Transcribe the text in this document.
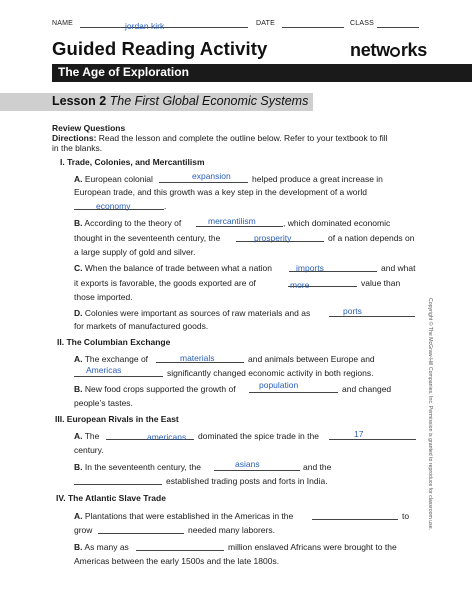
NAME	jordan kirk	DATE	CLASS
Guided Reading Activity	netw rks
The Age of Exploration
Lesson 2 The First Global Economic Systems
Review Questions
Directions: Read the lesson and complete the outline below. Refer to your textbook to fill
in the blanks.
I. Trade, Colonies, and Mercantilism
A. European colonial	expansion helped produce a great increase in
European trade, and this growth was a key step in the development of a world
economy	.
B. According to the theory of	mercantilism	, which dominated economic
thought in the seventeenth century, the	prosperity	of a nation depends on
a large supply of gold and silver.
C. When the balance of trade between what a nation	imports	and what
it exports is favorable, the goods exported are of	more	value than
those imported.
D. Colonies were important as sources of raw materials and as	ports
for markets of manufactured goods.
II. The Columbian Exchange
A. The exchange of	materials	and animals between Europe and
Americas	significantly changed economic activity in both regions.
B. New food crops supported the growth of	population	and changed
people’s tastes.
III. European Rivals in the East
A. The	americans dominated the spice trade in the	17
century.
B. In the seventeenth century, the	asians	and the
established trading posts and forts in India.
IV. The Atlantic Slave Trade
A. Plantations that were established in the Americas in the	to
grow	needed many laborers.
B. As many as	million enslaved Africans were brought to the
Americas between the early 1500s and the late 1800s.
Copyright © The McGraw-Hill Companies, Inc. Permission is granted to reproduce for classroom use.
